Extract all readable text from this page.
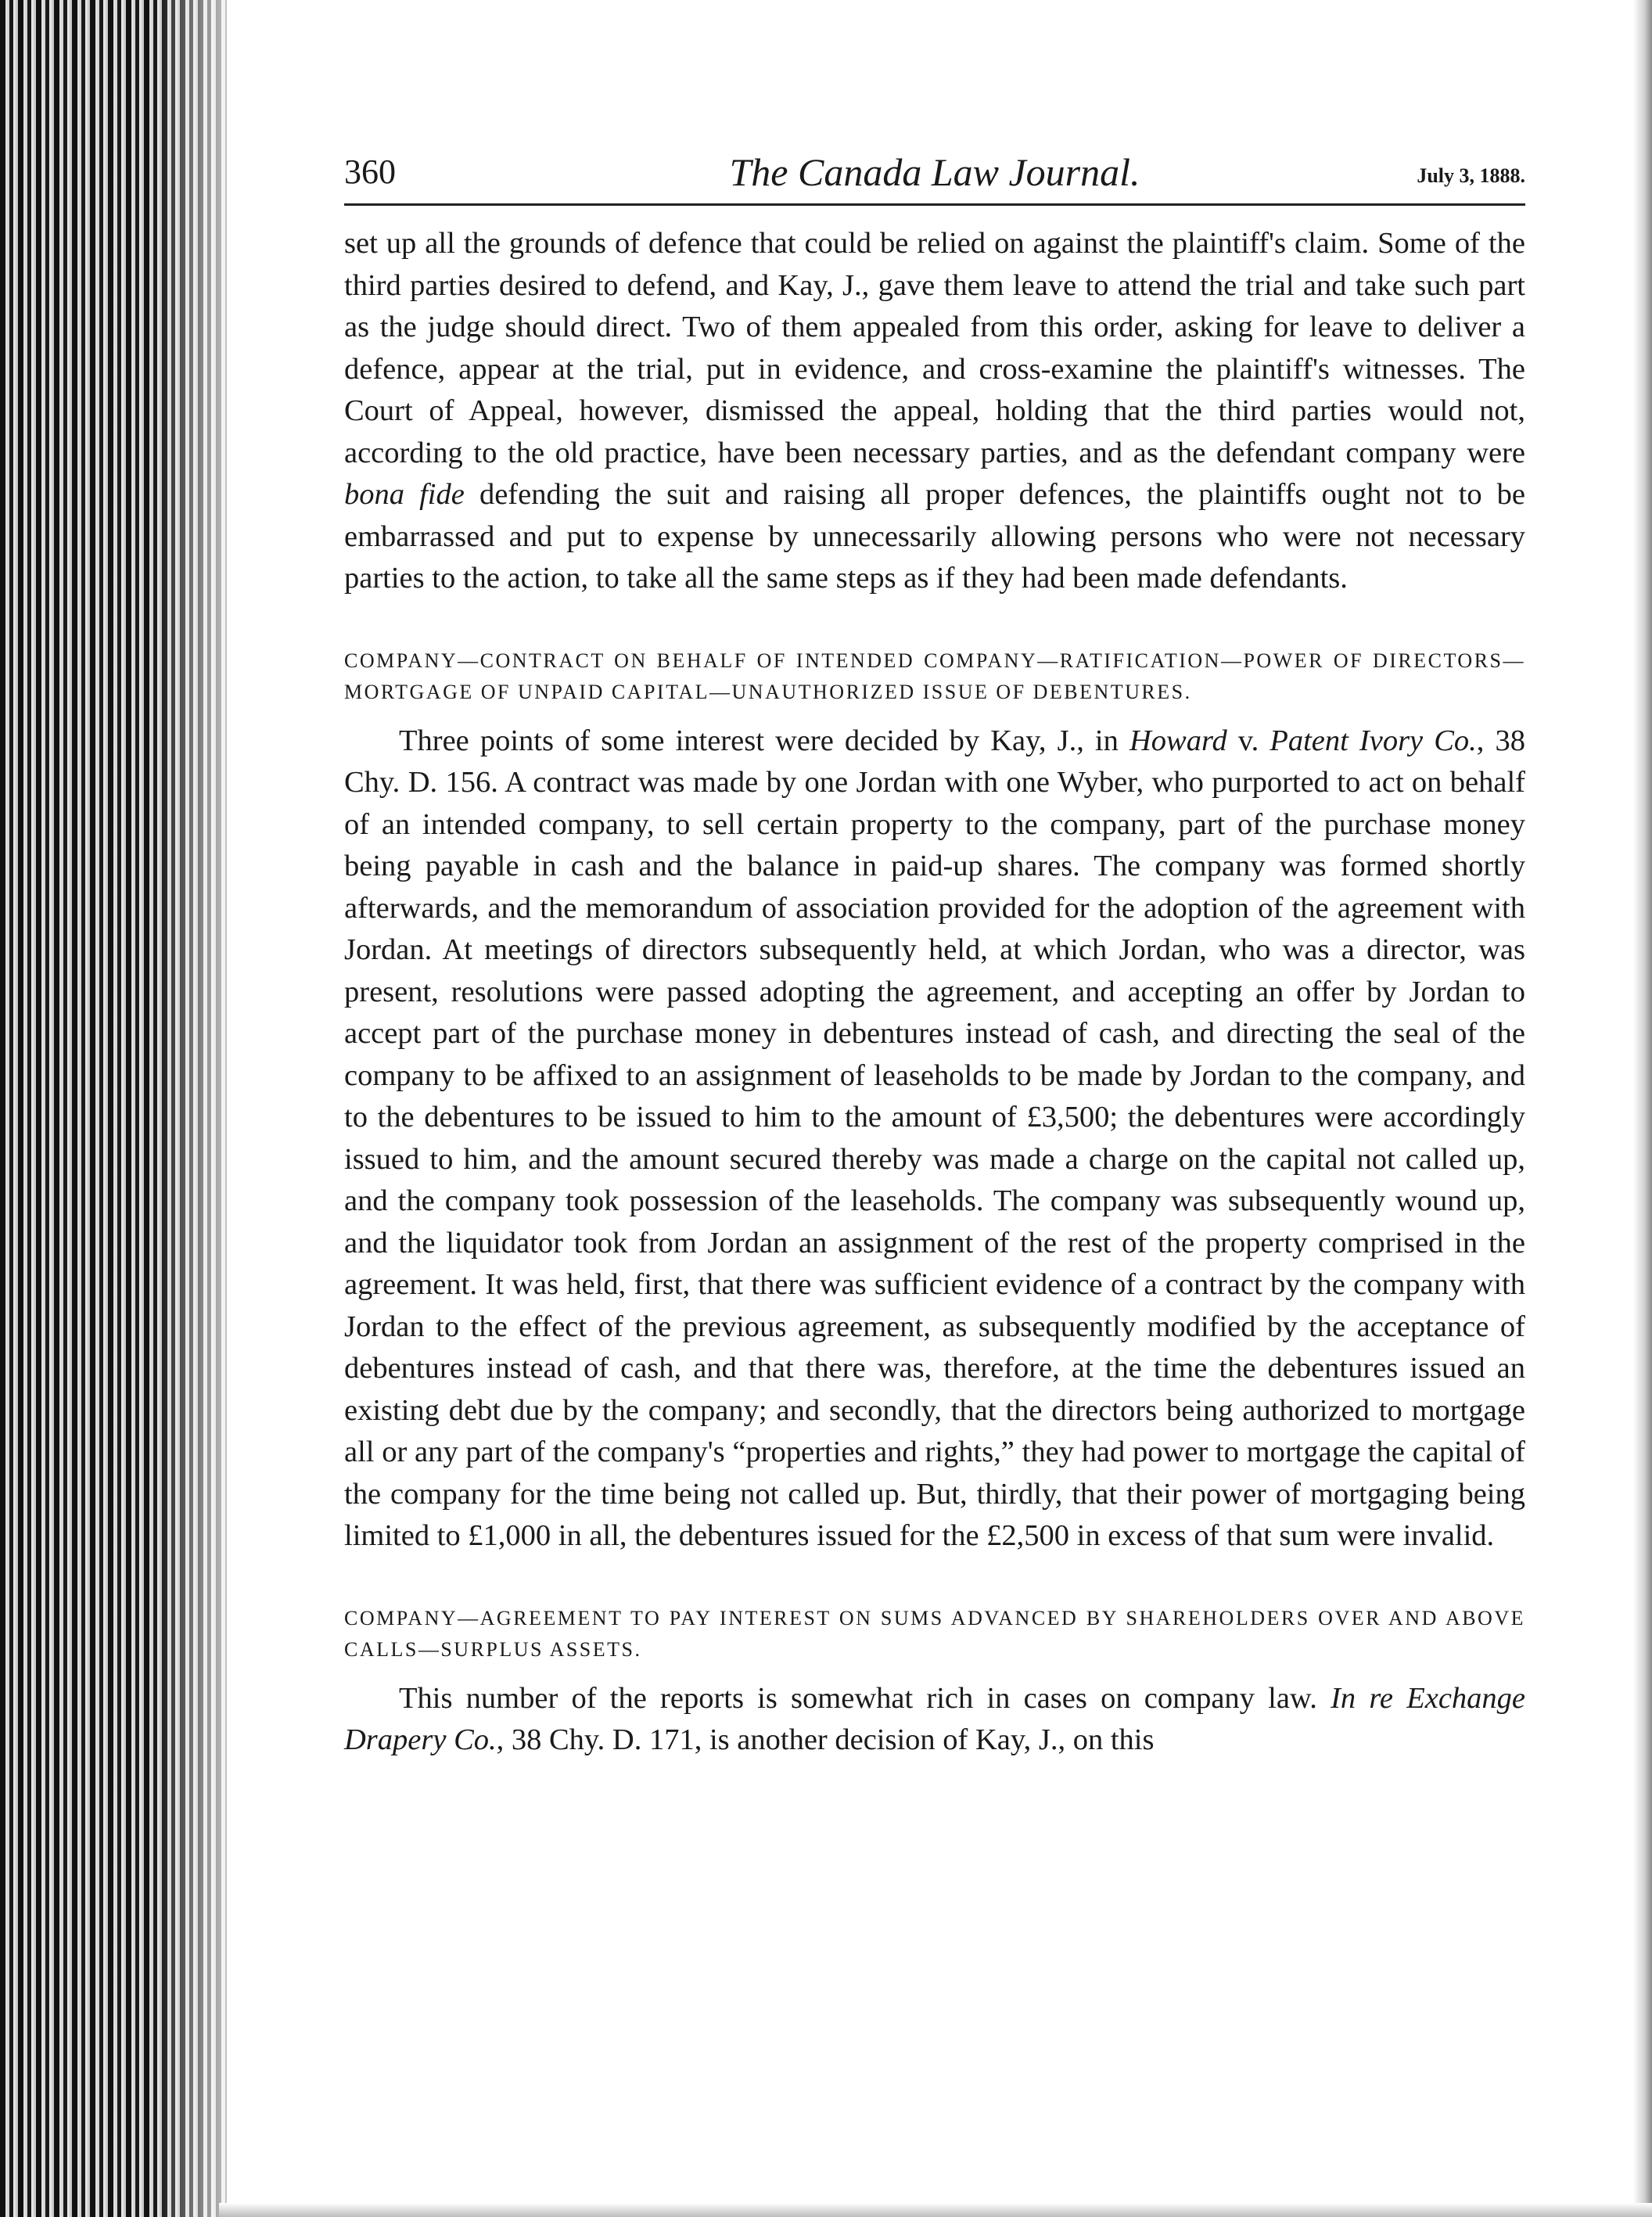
360	The Canada Law Journal.	July 3, 1888.

set up all the grounds of defence that could be relied on against the plaintiff's claim. Some of the third parties desired to defend, and Kay, J., gave them leave to attend the trial and take such part as the judge should direct. Two of them appealed from this order, asking for leave to deliver a defence, appear at the trial, put in evidence, and cross-examine the plaintiff's witnesses. The Court of Appeal, however, dismissed the appeal, holding that the third parties would not, according to the old practice, have been necessary parties, and as the defendant company were bona fide defending the suit and raising all proper defences, the plaintiffs ought not to be embarrassed and put to expense by unnecessarily allowing persons who were not necessary parties to the action, to take all the same steps as if they had been made defendants.

COMPANY—CONTRACT ON BEHALF OF INTENDED COMPANY—RATIFICATION—POWER OF DIRECTORS—MORTGAGE OF UNPAID CAPITAL—UNAUTHORIZED ISSUE OF DEBENTURES.

Three points of some interest were decided by Kay, J., in Howard v. Patent Ivory Co., 38 Chy. D. 156. A contract was made by one Jordan with one Wyber, who purported to act on behalf of an intended company, to sell certain property to the company, part of the purchase money being payable in cash and the balance in paid-up shares. The company was formed shortly afterwards, and the memorandum of association provided for the adoption of the agreement with Jordan. At meetings of directors subsequently held, at which Jordan, who was a director, was present, resolutions were passed adopting the agreement, and accepting an offer by Jordan to accept part of the purchase money in debentures instead of cash, and directing the seal of the company to be affixed to an assignment of leaseholds to be made by Jordan to the company, and to the debentures to be issued to him to the amount of £3,500; the debentures were accordingly issued to him, and the amount secured thereby was made a charge on the capital not called up, and the company took possession of the leaseholds. The company was subsequently wound up, and the liquidator took from Jordan an assignment of the rest of the property comprised in the agreement. It was held, first, that there was sufficient evidence of a contract by the company with Jordan to the effect of the previous agreement, as subsequently modified by the acceptance of debentures instead of cash, and that there was, therefore, at the time the debentures issued an existing debt due by the company; and secondly, that the directors being authorized to mortgage all or any part of the company's “properties and rights,” they had power to mortgage the capital of the company for the time being not called up. But, thirdly, that their power of mortgaging being limited to £1,000 in all, the debentures issued for the £2,500 in excess of that sum were invalid.

COMPANY—AGREEMENT TO PAY INTEREST ON SUMS ADVANCED BY SHAREHOLDERS OVER AND ABOVE CALLS—SURPLUS ASSETS.

This number of the reports is somewhat rich in cases on company law. In re Exchange Drapery Co., 38 Chy. D. 171, is another decision of Kay, J., on this
